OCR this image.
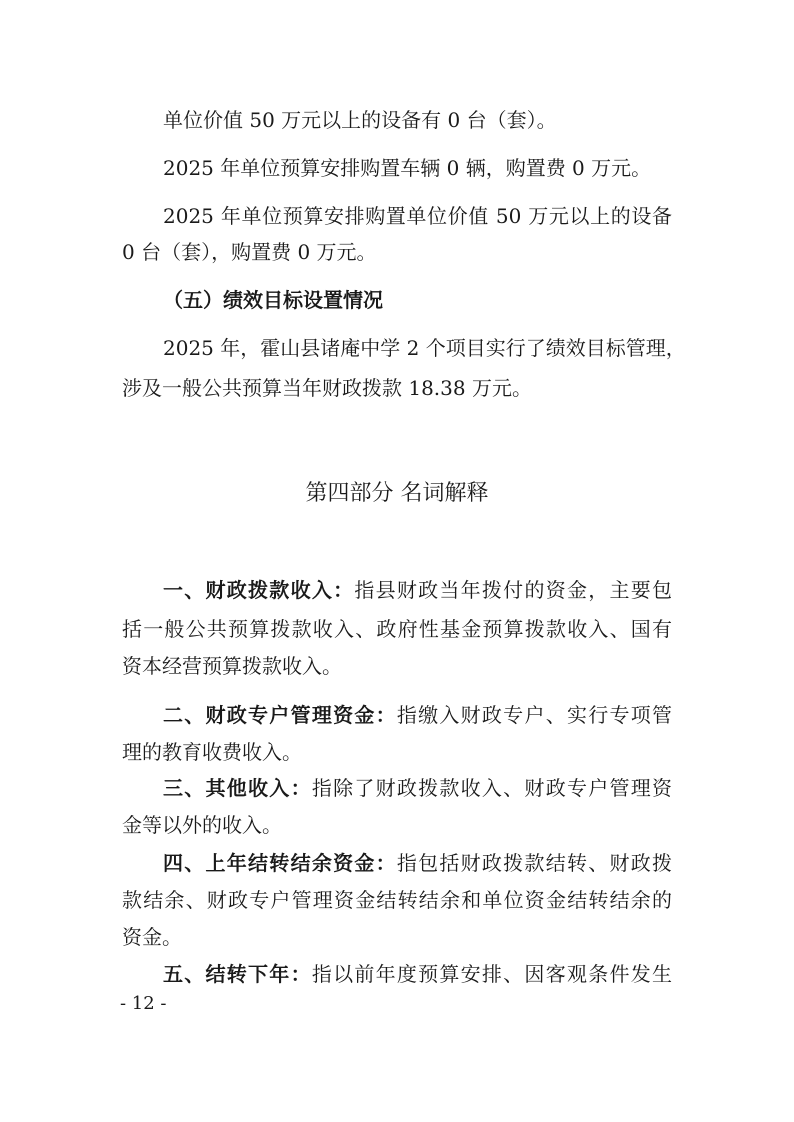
单位价值 50 万元以上的设备有 0 台（套）。
2025 年单位预算安排购置车辆 0 辆，购置费 0 万元。
2025 年单位预算安排购置单位价值 50 万元以上的设备
0 台（套），购置费 0 万元。
（五）绩效目标设置情况
2025 年，霍山县诸庵中学 2 个项目实行了绩效目标管理，
涉及一般公共预算当年财政拨款 18.38 万元。
第四部分 名词解释
一、财政拨款收入：指县财政当年拨付的资金，主要包
括一般公共预算拨款收入、政府性基金预算拨款收入、国有
资本经营预算拨款收入。
二、财政专户管理资金：指缴入财政专户、实行专项管
理的教育收费收入。
三、其他收入：指除了财政拨款收入、财政专户管理资
金等以外的收入。
四、上年结转结余资金：指包括财政拨款结转、财政拨
款结余、财政专户管理资金结转结余和单位资金结转结余的
资金。
五、结转下年：指以前年度预算安排、因客观条件发生
- 12 -
